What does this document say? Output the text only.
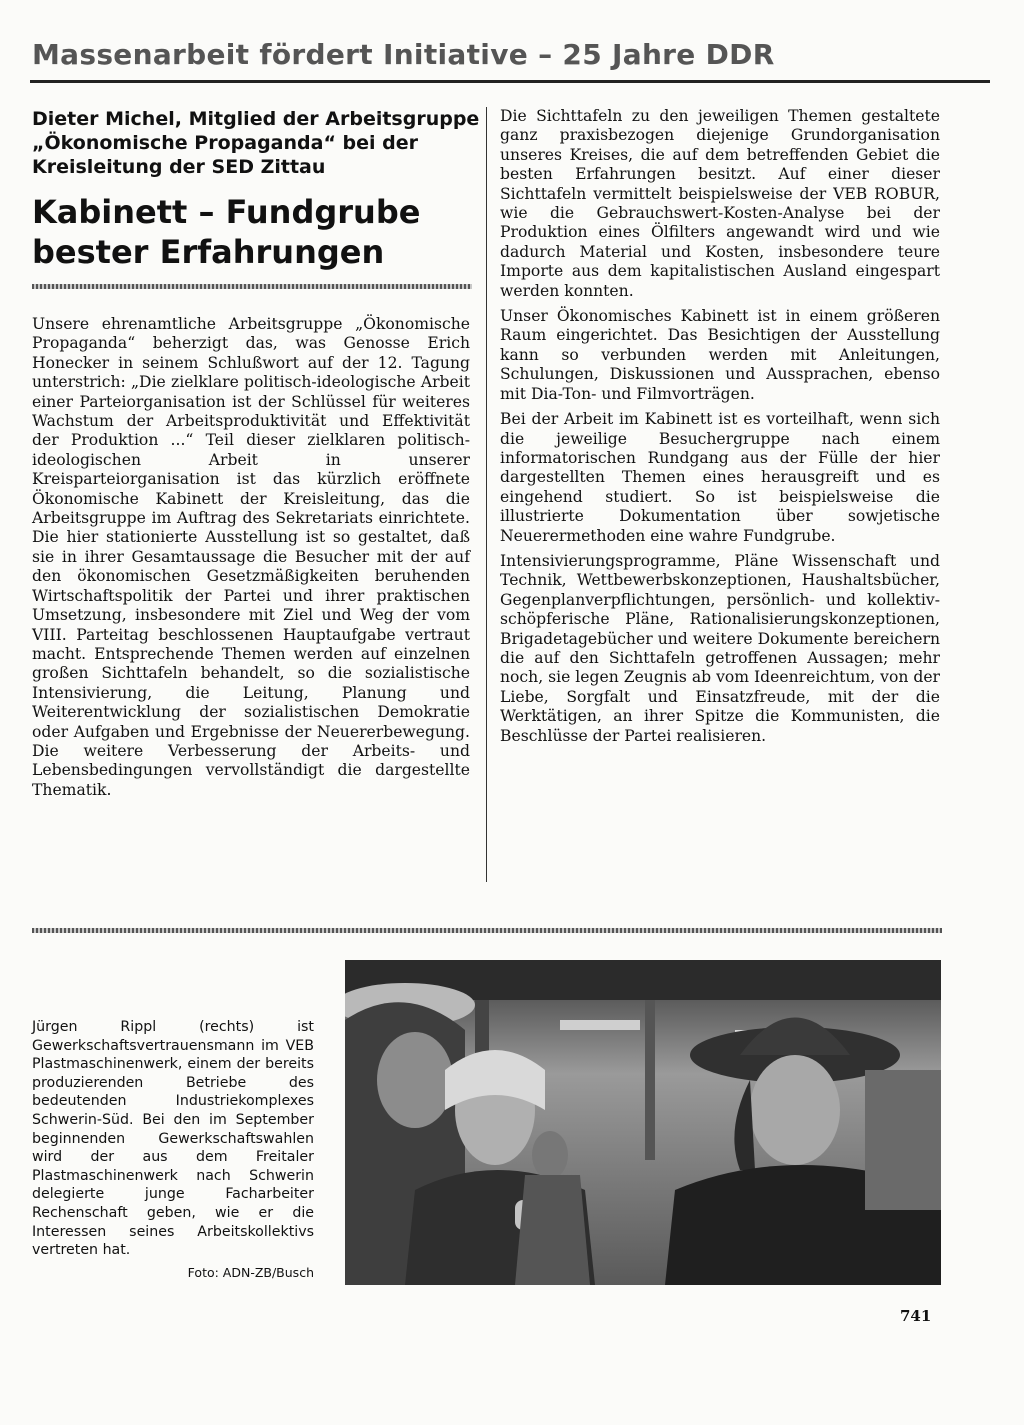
Massenarbeit fördert Initiative – 25 Jahre DDR
Dieter Michel, Mitglied der Arbeitsgruppe „Ökonomische Propaganda“ bei der Kreisleitung der SED Zittau
Kabinett – Fundgrube bester Erfahrungen

Unsere ehrenamtliche Arbeitsgruppe „Ökonomische Propaganda“ beherzigt das, was Genosse Erich Honecker in seinem Schlußwort auf der 12. Tagung unterstrich: „Die zielklare politisch-ideologische Arbeit einer Parteiorganisation ist der Schlüssel für weiteres Wachstum der Arbeitsproduktivität und Effektivität der Produktion ...“ Teil dieser zielklaren politisch-ideologischen Arbeit in unserer Kreisparteiorganisation ist das kürzlich eröffnete Ökonomische Kabinett der Kreisleitung, das die Arbeitsgruppe im Auftrag des Sekretariats einrichtete. Die hier stationierte Ausstellung ist so gestaltet, daß sie in ihrer Gesamtaussage die Besucher mit der auf den ökonomischen Gesetzmäßigkeiten beruhenden Wirtschaftspolitik der Partei und ihrer praktischen Umsetzung, insbesondere mit Ziel und Weg der vom VIII. Parteitag beschlossenen Hauptaufgabe vertraut macht. Entsprechende Themen werden auf einzelnen großen Sichttafeln behandelt, so die sozialistische Intensivierung, die Leitung, Planung und Weiterentwicklung der sozialistischen Demokratie oder Aufgaben und Ergebnisse der Neuererbewegung. Die weitere Verbesserung der Arbeits- und Lebensbedingungen vervollständigt die dargestellte Thematik.

Die Sichttafeln zu den jeweiligen Themen gestaltete ganz praxisbezogen diejenige Grundorganisation unseres Kreises, die auf dem betreffenden Gebiet die besten Erfahrungen besitzt. Auf einer dieser Sichttafeln vermittelt beispielsweise der VEB ROBUR, wie die Gebrauchswert-Kosten-Analyse bei der Produktion eines Ölfilters angewandt wird und wie dadurch Material und Kosten, insbesondere teure Importe aus dem kapitalistischen Ausland eingespart werden konnten.

Unser Ökonomisches Kabinett ist in einem größeren Raum eingerichtet. Das Besichtigen der Ausstellung kann so verbunden werden mit Anleitungen, Schulungen, Diskussionen und Aussprachen, ebenso mit Dia-Ton- und Filmvorträgen.

Bei der Arbeit im Kabinett ist es vorteilhaft, wenn sich die jeweilige Besuchergruppe nach einem informatorischen Rundgang aus der Fülle der hier dargestellten Themen eines herausgreift und es eingehend studiert. So ist beispielsweise die illustrierte Dokumentation über sowjetische Neuerermethoden eine wahre Fundgrube.

Intensivierungsprogramme, Pläne Wissenschaft und Technik, Wettbewerbskonzeptionen, Haushaltsbücher, Gegenplanverpflichtungen, persönlich- und kollektiv-schöpferische Pläne, Rationalisierungskonzeptionen, Brigadetagebücher und weitere Dokumente bereichern die auf den Sichttafeln getroffenen Aussagen; mehr noch, sie legen Zeugnis ab vom Ideenreichtum, von der Liebe, Sorgfalt und Einsatzfreude, mit der die Werktätigen, an ihrer Spitze die Kommunisten, die Beschlüsse der Partei realisieren.

Jürgen Rippl (rechts) ist Gewerkschaftsvertrauensmann im VEB Plastmaschinenwerk, einem der bereits produzierenden Betriebe des bedeutenden Industriekomplexes Schwerin-Süd. Bei den im September beginnenden Gewerkschaftswahlen wird der aus dem Freitaler Plastmaschinenwerk nach Schwerin delegierte junge Facharbeiter Rechenschaft geben, wie er die Interessen seines Arbeitskollektivs vertreten hat.
Foto: ADN-ZB/Busch
741
